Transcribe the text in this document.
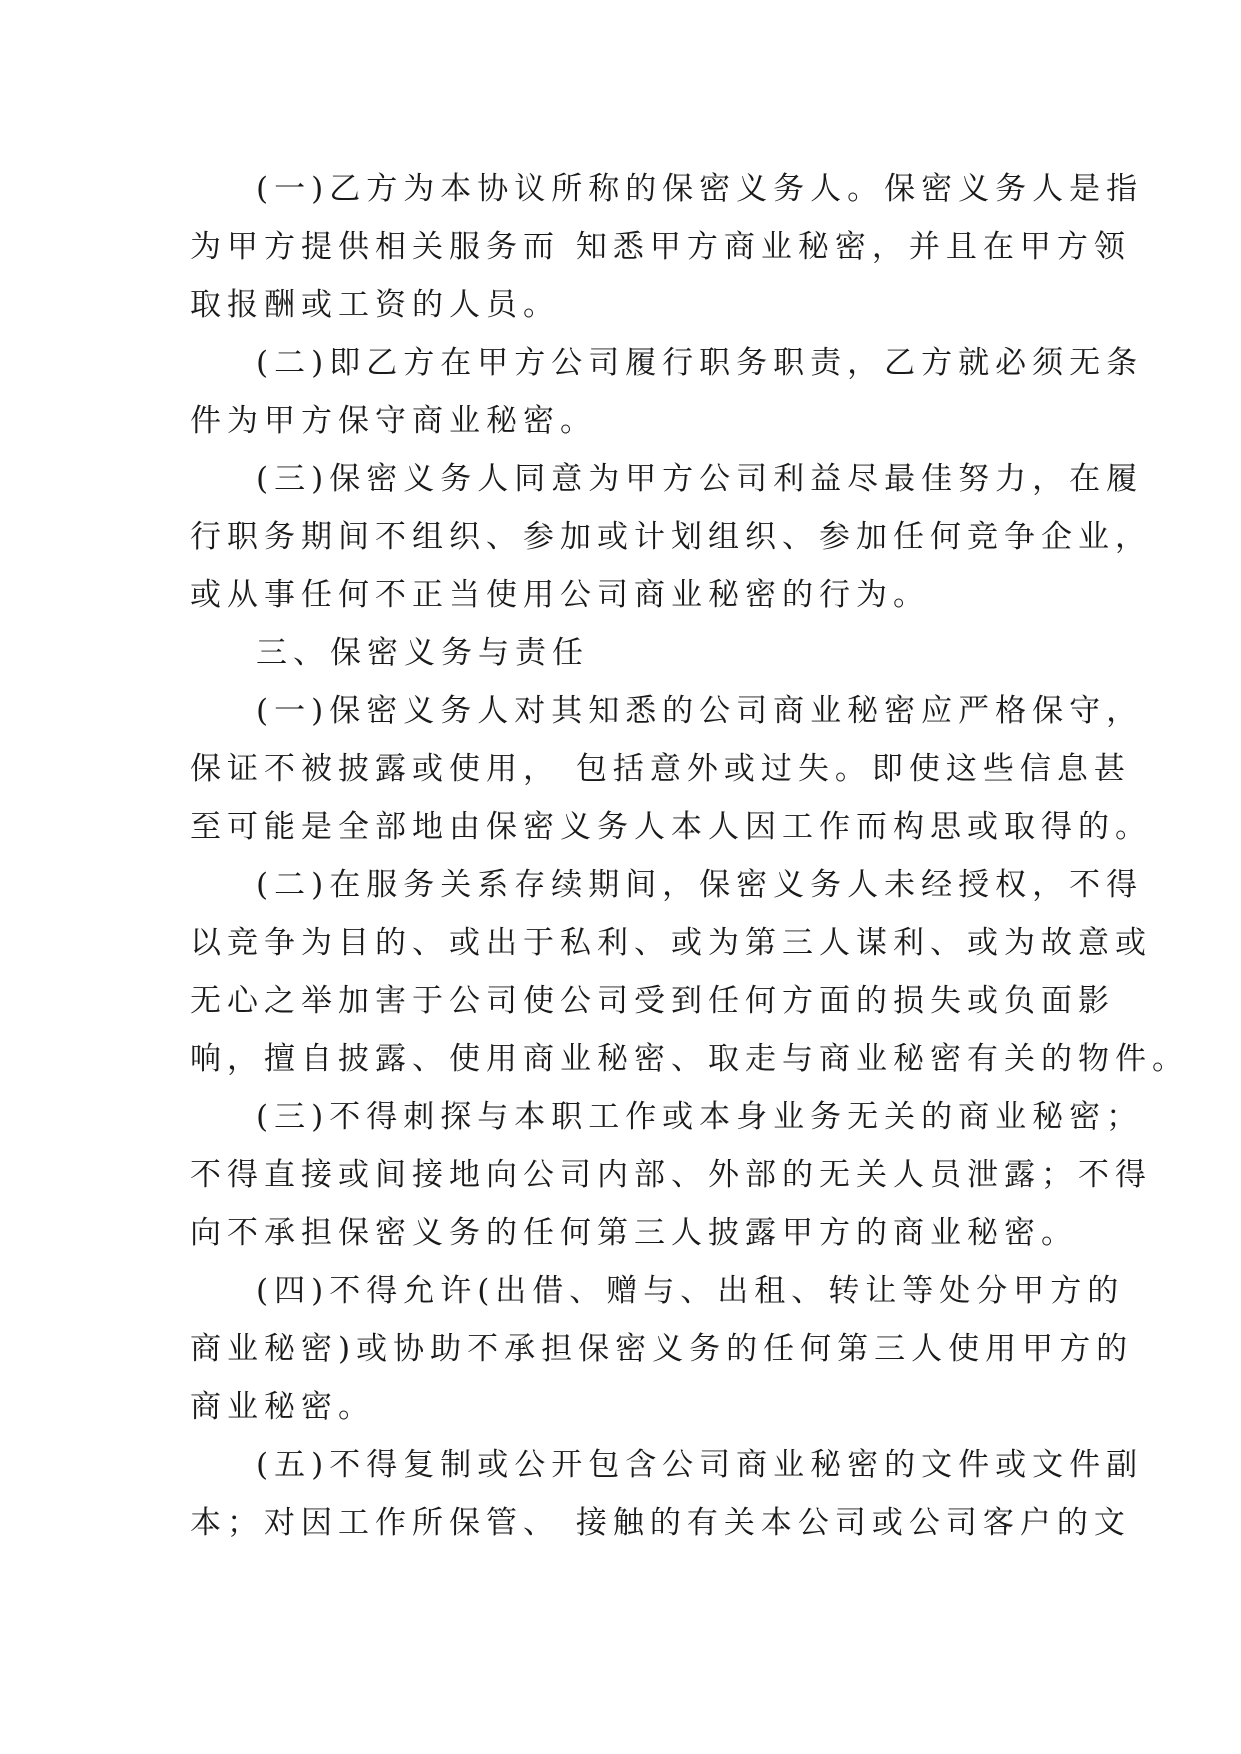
(一)乙方为本协议所称的保密义务人。保密义务人是指
为甲方提供相关服务而 知悉甲方商业秘密，并且在甲方领
取报酬或工资的人员。
(二)即乙方在甲方公司履行职务职责，乙方就必须无条
件为甲方保守商业秘密。
(三)保密义务人同意为甲方公司利益尽最佳努力，在履
行职务期间不组织、参加或计划组织、参加任何竞争企业，
或从事任何不正当使用公司商业秘密的行为。
三、保密义务与责任
(一)保密义务人对其知悉的公司商业秘密应严格保守，
保证不被披露或使用， 包括意外或过失。即使这些信息甚
至可能是全部地由保密义务人本人因工作而构思或取得的。
(二)在服务关系存续期间，保密义务人未经授权，不得
以竞争为目的、或出于私利、或为第三人谋利、或为故意或
无心之举加害于公司使公司受到任何方面的损失或负面影
响，擅自披露、使用商业秘密、取走与商业秘密有关的物件。
(三)不得刺探与本职工作或本身业务无关的商业秘密；
不得直接或间接地向公司内部、外部的无关人员泄露；不得
向不承担保密义务的任何第三人披露甲方的商业秘密。
(四)不得允许(出借、赠与、出租、转让等处分甲方的
商业秘密)或协助不承担保密义务的任何第三人使用甲方的
商业秘密。
(五)不得复制或公开包含公司商业秘密的文件或文件副
本；对因工作所保管、 接触的有关本公司或公司客户的文
